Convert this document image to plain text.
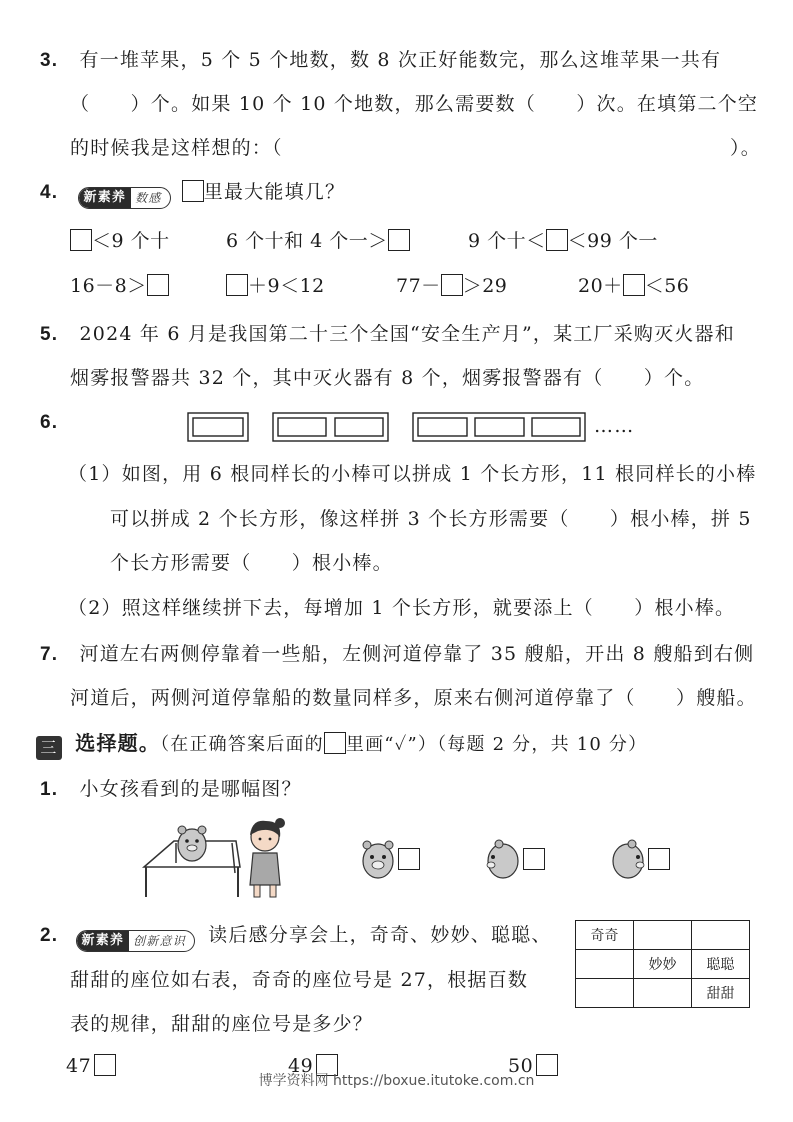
3. 有一堆苹果，5 个 5 个地数，数 8 次正好能数完，那么这堆苹果一共有
（　　）个。如果 10 个 10 个地数，那么需要数（　　）次。在填第二个空
的时候我是这样想的：（	）。
4.	新素养 数感	里最大能填几？
＜9 个十	6 个十和 4 个一＞	9 个十＜ ＜99 个一
16－8＞	＋9＜12	77－ ＞29	20＋ ＜56
5. 2024 年 6 月是我国第二十三个全国“安全生产月”，某工厂采购灭火器和
烟雾报警器共 32 个，其中灭火器有 8 个，烟雾报警器有（　　）个。
6.	……
（1）如图，用 6 根同样长的小棒可以拼成 1 个长方形，11 根同样长的小棒
可以拼成 2 个长方形，像这样拼 3 个长方形需要（　　）根小棒，拼 5
个长方形需要（　　）根小棒。
（2）照这样继续拼下去，每增加 1 个长方形，就要添上（　　）根小棒。
7. 河道左右两侧停靠着一些船，左侧河道停靠了 35 艘船，开出 8 艘船到右侧
河道后，两侧河道停靠船的数量同样多，原来右侧河道停靠了（　　）艘船。
三 选择题。（在正确答案后面的 里画“✓”）（每题 2 分，共 10 分）
1. 小女孩看到的是哪幅图？
2.	新素养 创新意识	读后感分享会上，奇奇、妙妙、聪聪、
甜甜的座位如右表，奇奇的座位号是 27，根据百数
表的规律，甜甜的座位号是多少？
奇奇		
	妙妙	聪聪
		甜甜
47	49	50
博学资料网 https://boxue.itutoke.com.cn
